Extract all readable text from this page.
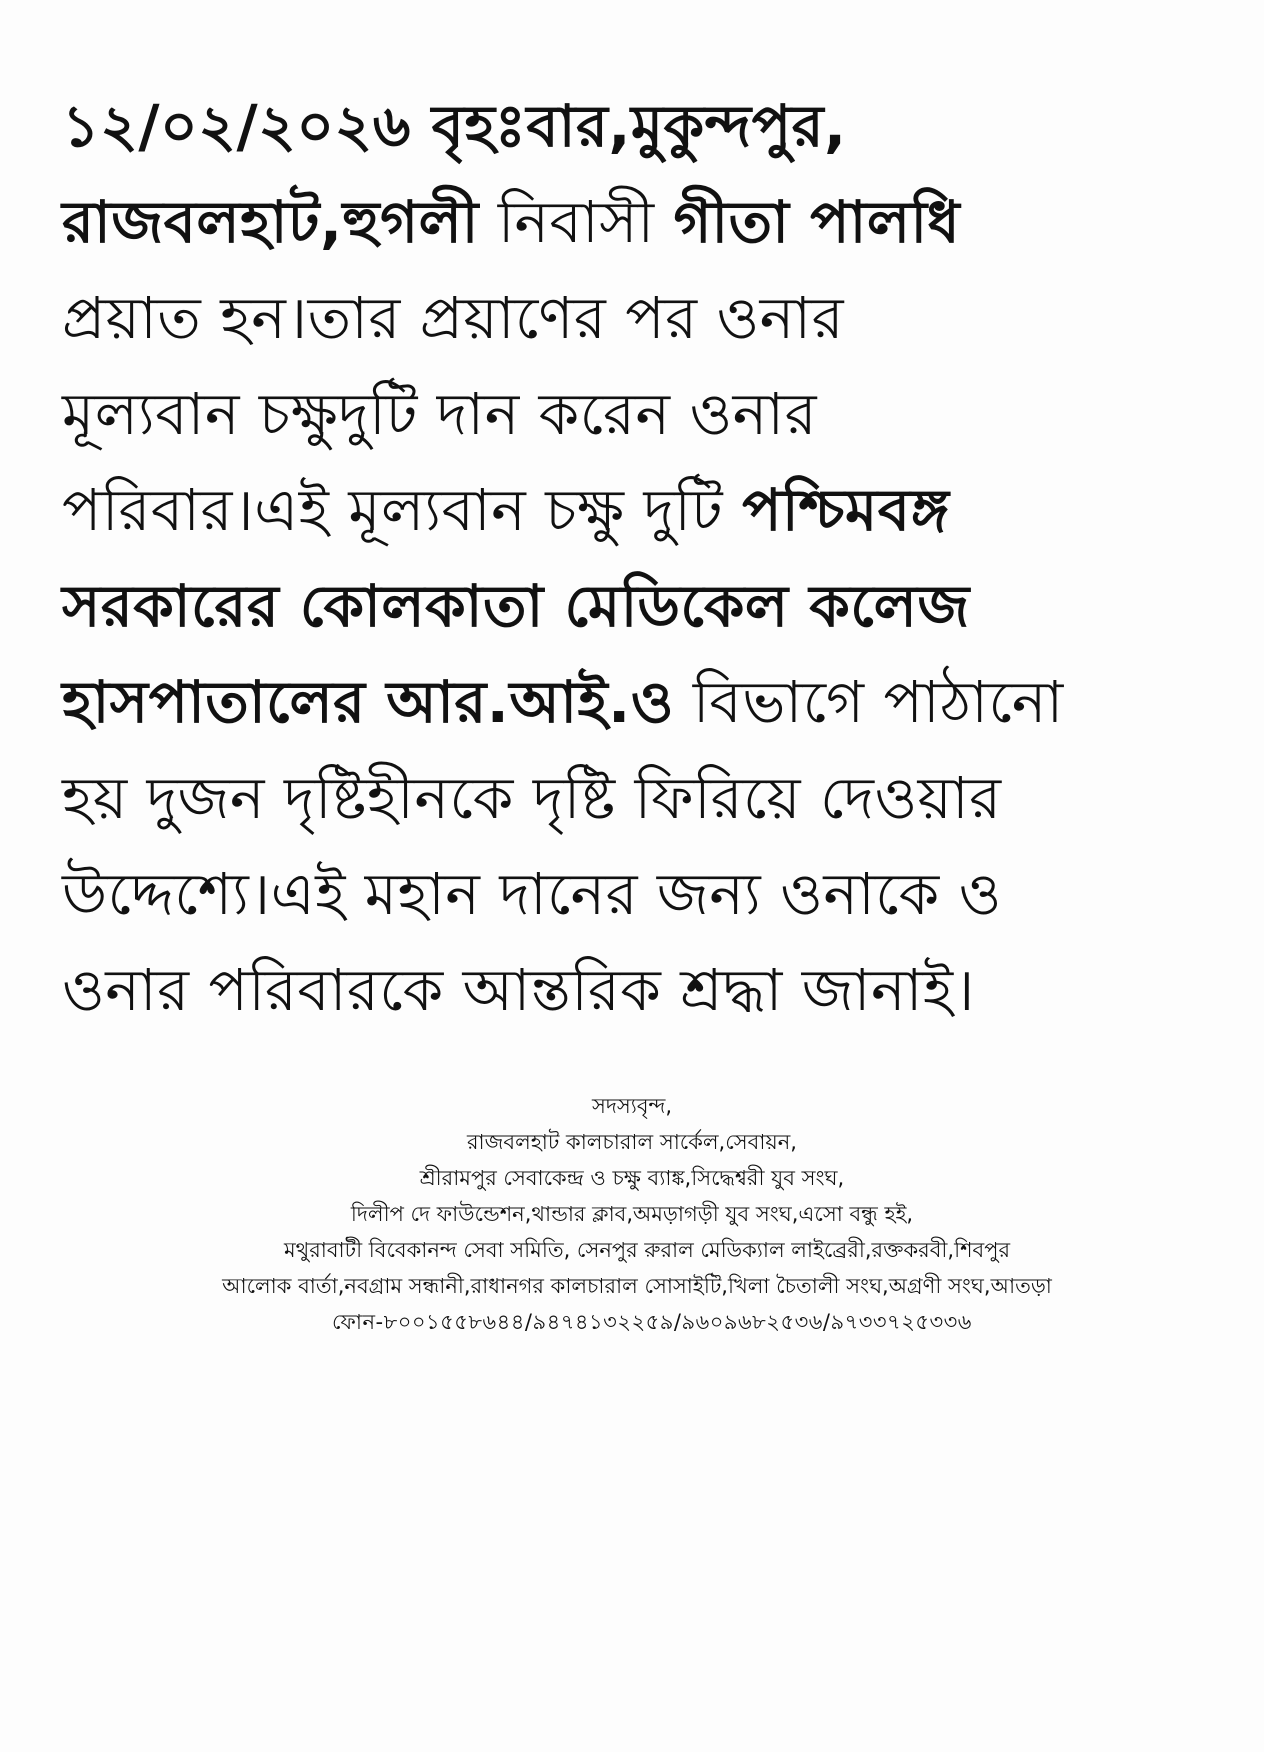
১২/০২/২০২৬ বৃহঃবার,মুকুন্দপুর,
রাজবলহাট,হুগলী নিবাসী গীতা পালধি
প্রয়াত হন।তার প্রয়াণের পর ওনার
মূল্যবান চক্ষুদুটি দান করেন ওনার
পরিবার।এই মূল্যবান চক্ষু দুটি পশ্চিমবঙ্গ
সরকারের কোলকাতা মেডিকেল কলেজ
হাসপাতালের আর.আই.ও বিভাগে পাঠানো
হয় দুজন দৃষ্টিহীনকে দৃষ্টি ফিরিয়ে দেওয়ার
উদ্দেশ্যে।এই মহান দানের জন্য ওনাকে ও
ওনার পরিবারকে আন্তরিক শ্রদ্ধা জানাই।
সদস্যবৃন্দ,
রাজবলহাট কালচারাল সার্কেল,সেবায়ন,
শ্রীরামপুর সেবাকেন্দ্র ও চক্ষু ব্যাঙ্ক,সিদ্ধেশ্বরী যুব সংঘ,
দিলীপ দে ফাউন্ডেশন,থান্ডার ক্লাব,অমড়াগড়ী যুব সংঘ,এসো বন্ধু হই,
মথুরাবাটী বিবেকানন্দ সেবা সমিতি, সেনপুর রুরাল মেডিক্যাল লাইব্রেরী,রক্তকরবী,শিবপুর
আলোক বার্তা,নবগ্রাম সন্ধানী,রাধানগর কালচারাল সোসাইটি,খিলা চৈতালী সংঘ,অগ্রণী সংঘ,আতড়া
ফোন-৮০০১৫৫৮৬৪৪/৯৪৭৪১৩২২৫৯/৯৬০৯৬৮২৫৩৬/৯৭৩৩৭২৫৩৩৬
